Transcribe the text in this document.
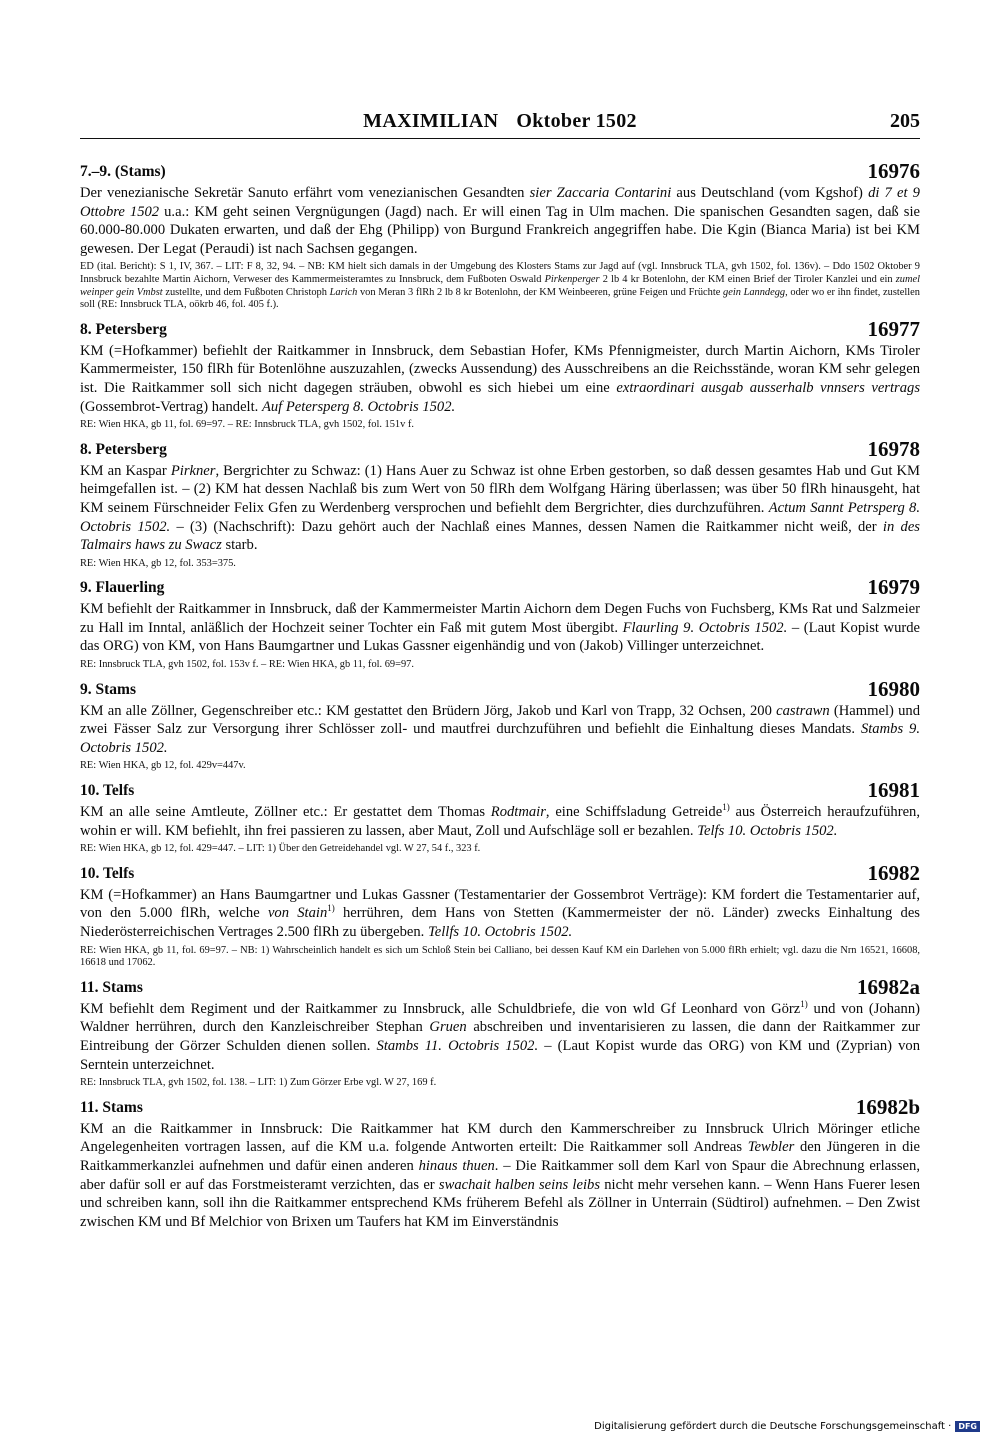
MAXIMILIAN Oktober 1502	205
7.–9. (Stams)	16976
Der venezianische Sekretär Sanuto erfährt vom venezianischen Gesandten sier Zaccaria Contarini aus Deutschland (vom Kgshof) di 7 et 9 Ottobre 1502 u.a.: KM geht seinen Vergnügungen (Jagd) nach. Er will einen Tag in Ulm machen. Die spanischen Gesandten sagen, daß sie 60.000-80.000 Dukaten erwarten, und daß der Ehg (Philipp) von Burgund Frankreich angegriffen habe. Die Kgin (Bianca Maria) ist bei KM gewesen. Der Legat (Peraudi) ist nach Sachsen gegangen.
ED (ital. Bericht): S 1, IV, 367. – LIT: F 8, 32, 94. – NB: KM hielt sich damals in der Umgebung des Klosters Stams zur Jagd auf (vgl. Innsbruck TLA, gvh 1502, fol. 136v). – Ddo 1502 Oktober 9 Innsbruck bezahlte Martin Aichorn, Verweser des Kammermeisteramtes zu Innsbruck, dem Fußboten Oswald Pirkenperger 2 lb 4 kr Botenlohn, der KM einen Brief der Tiroler Kanzlei und ein zumel weinper gein Vmbst zustellte, und dem Fußboten Christoph Larich von Meran 3 flRh 2 lb 8 kr Botenlohn, der KM Weinbeeren, grüne Feigen und Früchte gein Lanndegg, oder wo er ihn findet, zustellen soll (RE: Innsbruck TLA, oökrb 46, fol. 405 f.).
8. Petersberg	16977
KM (=Hofkammer) befiehlt der Raitkammer in Innsbruck, dem Sebastian Hofer, KMs Pfennigmeister, durch Martin Aichorn, KMs Tiroler Kammermeister, 150 flRh für Botenlöhne auszuzahlen, (zwecks Aussendung) des Ausschreibens an die Reichsstände, woran KM sehr gelegen ist. Die Raitkammer soll sich nicht dagegen sträuben, obwohl es sich hiebei um eine extraordinari ausgab ausserhalb vnnsers vertrags (Gossembrot-Vertrag) handelt. Auf Petersperg 8. Octobris 1502.
RE: Wien HKA, gb 11, fol. 69=97. – RE: Innsbruck TLA, gvh 1502, fol. 151v f.
8. Petersberg	16978
KM an Kaspar Pirkner, Bergrichter zu Schwaz: (1) Hans Auer zu Schwaz ist ohne Erben gestorben, so daß dessen gesamtes Hab und Gut KM heimgefallen ist. – (2) KM hat dessen Nachlaß bis zum Wert von 50 flRh dem Wolfgang Häring überlassen; was über 50 flRh hinausgeht, hat KM seinem Fürschneider Felix Gfen zu Werdenberg versprochen und befiehlt dem Bergrichter, dies durchzuführen. Actum Sannt Petrsperg 8. Octobris 1502. – (3) (Nachschrift): Dazu gehört auch der Nachlaß eines Mannes, dessen Namen die Raitkammer nicht weiß, der in des Talmairs haws zu Swacz starb.
RE: Wien HKA, gb 12, fol. 353=375.
9. Flauerling	16979
KM befiehlt der Raitkammer in Innsbruck, daß der Kammermeister Martin Aichorn dem Degen Fuchs von Fuchsberg, KMs Rat und Salzmeier zu Hall im Inntal, anläßlich der Hochzeit seiner Tochter ein Faß mit gutem Most übergibt. Flaurling 9. Octobris 1502. – (Laut Kopist wurde das ORG) von KM, von Hans Baumgartner und Lukas Gassner eigenhändig und von (Jakob) Villinger unterzeichnet.
RE: Innsbruck TLA, gvh 1502, fol. 153v f. – RE: Wien HKA, gb 11, fol. 69=97.
9. Stams	16980
KM an alle Zöllner, Gegenschreiber etc.: KM gestattet den Brüdern Jörg, Jakob und Karl von Trapp, 32 Ochsen, 200 castrawn (Hammel) und zwei Fässer Salz zur Versorgung ihrer Schlösser zoll- und mautfrei durchzuführen und befiehlt die Einhaltung dieses Mandats. Stambs 9. Octobris 1502.
RE: Wien HKA, gb 12, fol. 429v=447v.
10. Telfs	16981
KM an alle seine Amtleute, Zöllner etc.: Er gestattet dem Thomas Rodtmair, eine Schiffsladung Getreide$^{1)}$ aus Österreich heraufzuführen, wohin er will. KM befiehlt, ihn frei passieren zu lassen, aber Maut, Zoll und Aufschläge soll er bezahlen. Telfs 10. Octobris 1502.
RE: Wien HKA, gb 12, fol. 429=447. – LIT: 1) Über den Getreidehandel vgl. W 27, 54 f., 323 f.
10. Telfs	16982
KM (=Hofkammer) an Hans Baumgartner und Lukas Gassner (Testamentarier der Gossembrot Verträge): KM fordert die Testamentarier auf, von den 5.000 flRh, welche von Stain$^{1)}$ herrühren, dem Hans von Stetten (Kammermeister der nö. Länder) zwecks Einhaltung des Niederösterreichischen Vertrages 2.500 flRh zu übergeben. Tellfs 10. Octobris 1502.
RE: Wien HKA, gb 11, fol. 69=97. – NB: 1) Wahrscheinlich handelt es sich um Schloß Stein bei Calliano, bei dessen Kauf KM ein Darlehen von 5.000 flRh erhielt; vgl. dazu die Nrn 16521, 16608, 16618 und 17062.
11. Stams	16982a
KM befiehlt dem Regiment und der Raitkammer zu Innsbruck, alle Schuldbriefe, die von wld Gf Leonhard von Görz$^{1)}$ und von (Johann) Waldner herrühren, durch den Kanzleischreiber Stephan Gruen abschreiben und inventarisieren zu lassen, die dann der Raitkammer zur Eintreibung der Görzer Schulden dienen sollen. Stambs 11. Octobris 1502. – (Laut Kopist wurde das ORG) von KM und (Zyprian) von Serntein unterzeichnet.
RE: Innsbruck TLA, gvh 1502, fol. 138. – LIT: 1) Zum Görzer Erbe vgl. W 27, 169 f.
11. Stams	16982b
KM an die Raitkammer in Innsbruck: Die Raitkammer hat KM durch den Kammerschreiber zu Innsbruck Ulrich Möringer etliche Angelegenheiten vortragen lassen, auf die KM u.a. folgende Antworten erteilt: Die Raitkammer soll Andreas Tewbler den Jüngeren in die Raitkammerkanzlei aufnehmen und dafür einen anderen hinaus thuen. – Die Raitkammer soll dem Karl von Spaur die Abrechnung erlassen, aber dafür soll er auf das Forstmeisteramt verzichten, das er swachait halben seins leibs nicht mehr versehen kann. – Wenn Hans Fuerer lesen und schreiben kann, soll ihn die Raitkammer entsprechend KMs früherem Befehl als Zöllner in Unterrain (Südtirol) aufnehmen. – Den Zwist zwischen KM und Bf Melchior von Brixen um Taufers hat KM im Einverständnis
Digitalisierung gefördert durch die Deutsche Forschungsgemeinschaft · DFG
